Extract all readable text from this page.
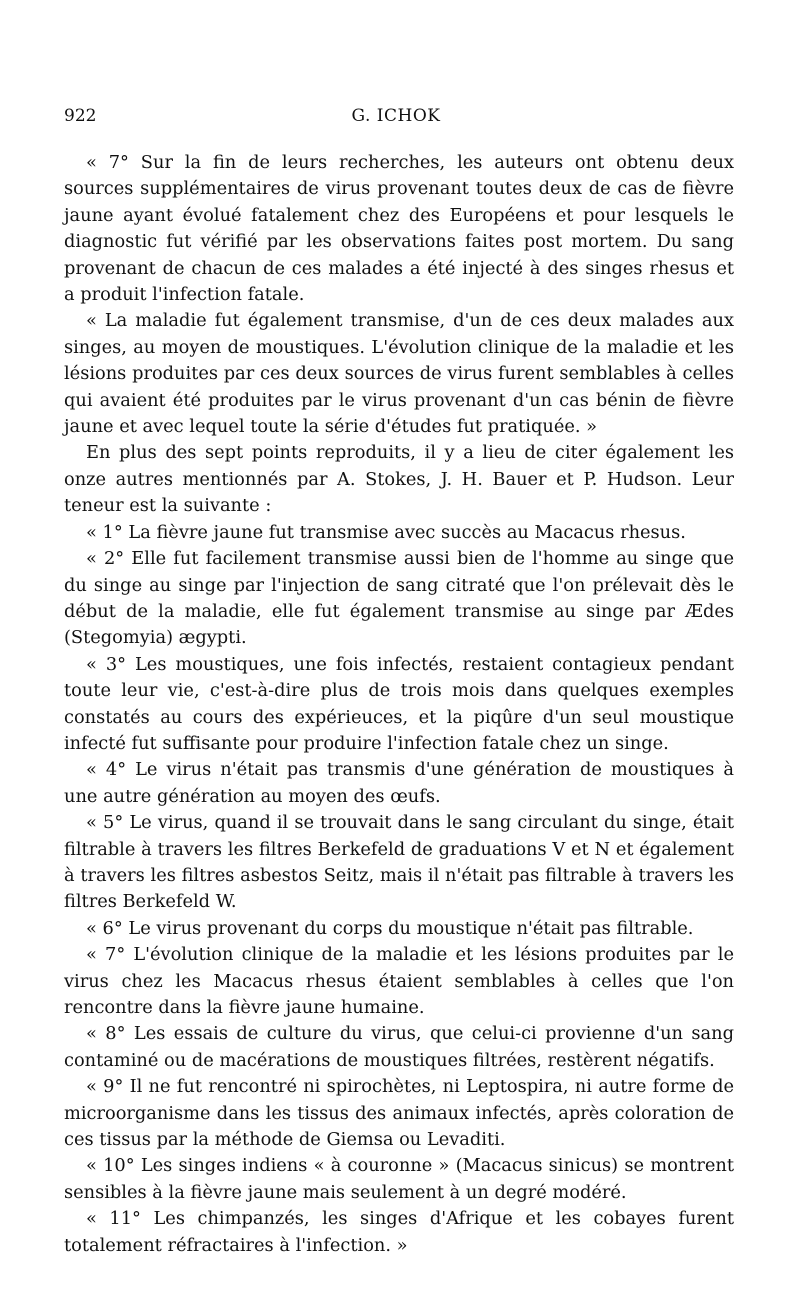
922	G. ICHOK

« 7° Sur la fin de leurs recherches, les auteurs ont obtenu deux sources supplémentaires de virus provenant toutes deux de cas de fièvre jaune ayant évolué fatalement chez des Européens et pour lesquels le diagnostic fut vérifié par les observations faites post mortem. Du sang provenant de chacun de ces malades a été injecté à des singes rhesus et a produit l'infection fatale.

« La maladie fut également transmise, d'un de ces deux malades aux singes, au moyen de moustiques. L'évolution clinique de la maladie et les lésions produites par ces deux sources de virus furent semblables à celles qui avaient été produites par le virus provenant d'un cas bénin de fièvre jaune et avec lequel toute la série d'études fut pratiquée. »

En plus des sept points reproduits, il y a lieu de citer également les onze autres mentionnés par A. Stokes, J. H. Bauer et P. Hudson. Leur teneur est la suivante :

« 1° La fièvre jaune fut transmise avec succès au Macacus rhesus.

« 2° Elle fut facilement transmise aussi bien de l'homme au singe que du singe au singe par l'injection de sang citraté que l'on prélevait dès le début de la maladie, elle fut également transmise au singe par Ædes (Stegomyia) ægypti.

« 3° Les moustiques, une fois infectés, restaient contagieux pendant toute leur vie, c'est-à-dire plus de trois mois dans quelques exemples constatés au cours des expérieuces, et la piqûre d'un seul moustique infecté fut suffisante pour produire l'infection fatale chez un singe.

« 4° Le virus n'était pas transmis d'une génération de moustiques à une autre génération au moyen des œufs.

« 5° Le virus, quand il se trouvait dans le sang circulant du singe, était filtrable à travers les filtres Berkefeld de graduations V et N et également à travers les filtres asbestos Seitz, mais il n'était pas filtrable à travers les filtres Berkefeld W.

« 6° Le virus provenant du corps du moustique n'était pas filtrable.

« 7° L'évolution clinique de la maladie et les lésions produites par le virus chez les Macacus rhesus étaient semblables à celles que l'on rencontre dans la fièvre jaune humaine.

« 8° Les essais de culture du virus, que celui-ci provienne d'un sang contaminé ou de macérations de moustiques filtrées, restèrent négatifs.

« 9° Il ne fut rencontré ni spirochètes, ni Leptospira, ni autre forme de microorganisme dans les tissus des animaux infectés, après coloration de ces tissus par la méthode de Giemsa ou Levaditi.

« 10° Les singes indiens « à couronne » (Macacus sinicus) se montrent sensibles à la fièvre jaune mais seulement à un degré modéré.

« 11° Les chimpanzés, les singes d'Afrique et les cobayes furent totalement réfractaires à l'infection. »
